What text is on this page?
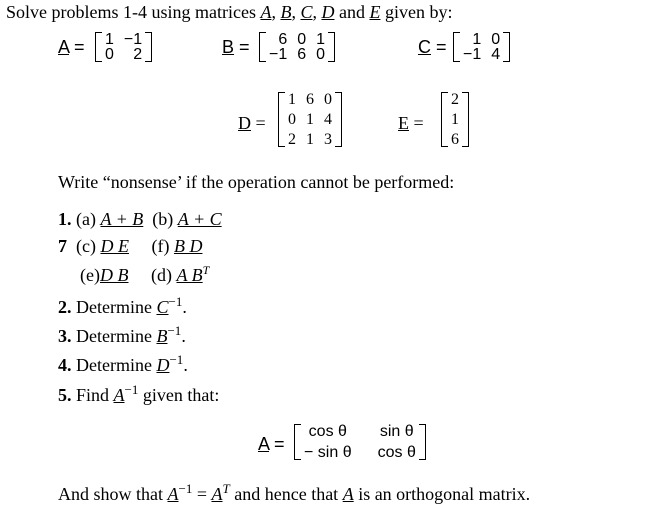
Solve problems 1-4 using matrices A, B, C, D and E given by:
A = 1 −1
0 2	B = 6 0 1
−1 6 0	C = 1 0
−1 4
D =
1 6 0
0 1 4
2 1 3
E =
2
1
6
Write “nonsense’ if the operation cannot be performed:
1. (a) A + B (b) A + C
7 (c) D E (f) B D
(e)D B (d) A $B^T$
2. Determine $C^{-1}$.
3. Determine $B^{-1}$.
4. Determine $D^{-1}$.
5. Find $A^{-1}$ given that:
A =
cos θ sin θ
− sin θ cos θ
And show that $A^{-1} = A^T$ and hence that A is an orthogonal matrix.
